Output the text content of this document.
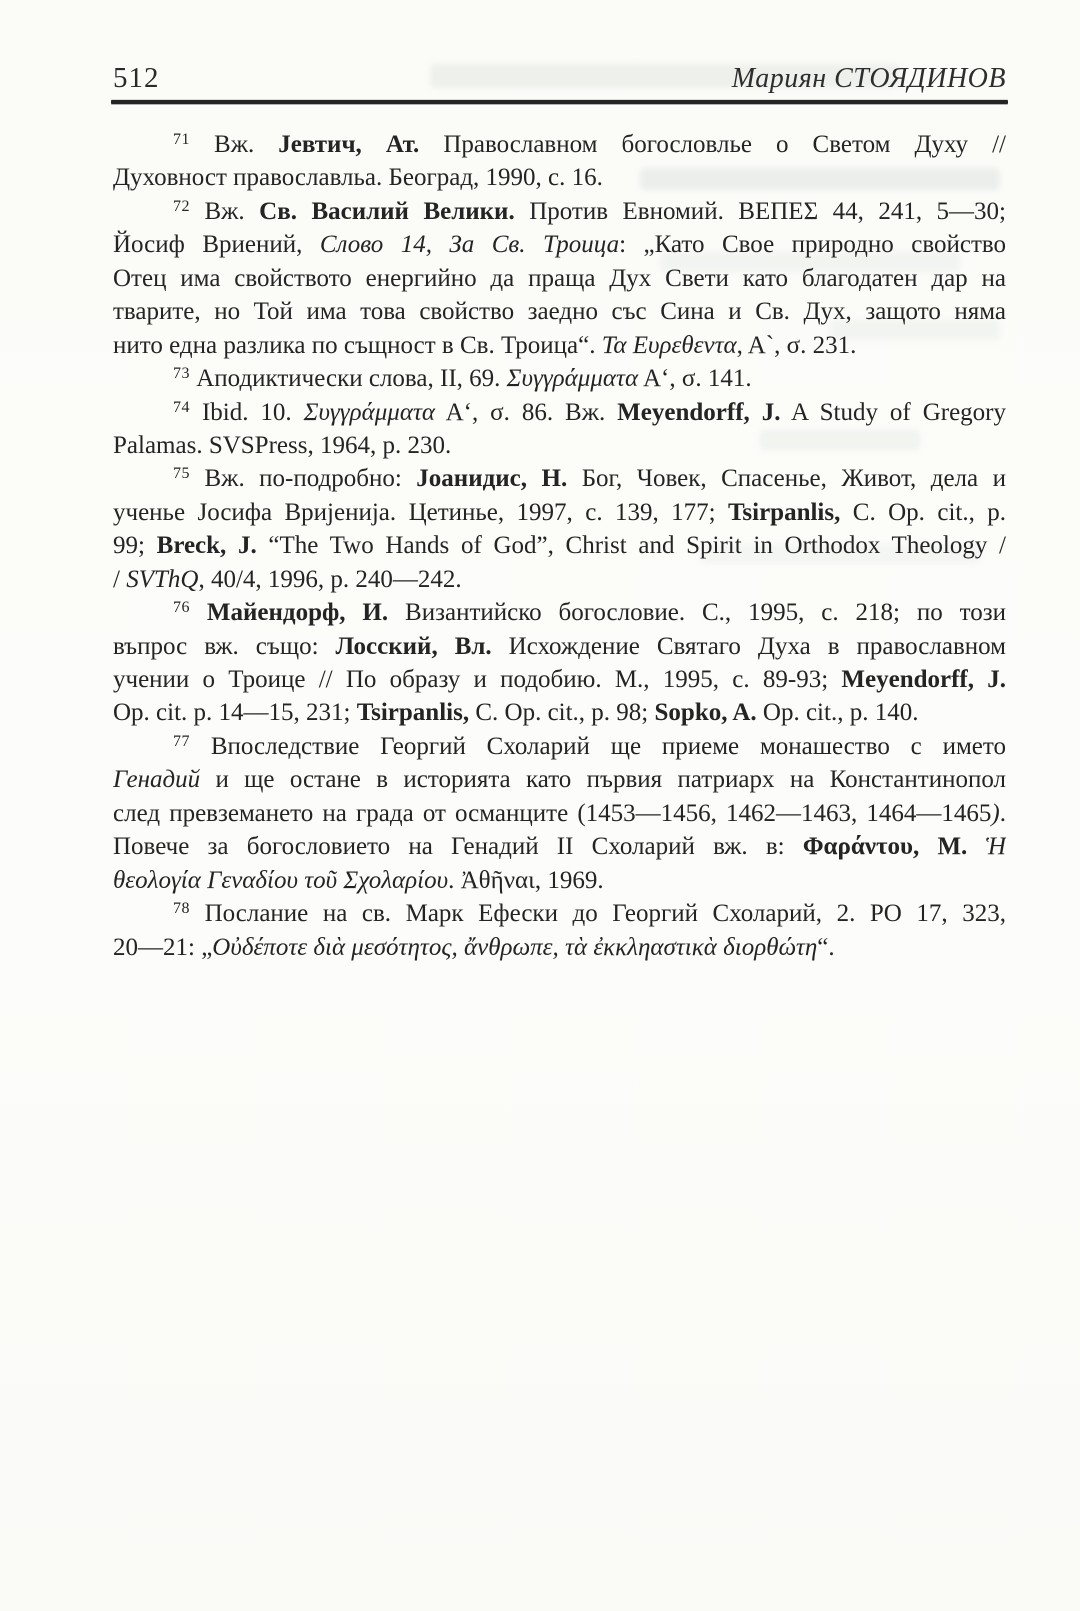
512	Мариян СТОЯДИНОВ
$^{71}$ Вж. Јевтич, Ат. Православном богословлье о Светом Духу //
Духовност православльа. Београд, 1990, с. 16.
$^{72}$ Вж. Св. Василий Велики. Против Евномий. ВЕПЕΣ 44, 241, 5—30;
Йосиф Вриений, Слово 14, За Св. Троица: „Като Свое природно свойство
Отец има свойството енергийно да праща Дух Свети като благодатен дар на
тварите, но Той има това свойство заедно със Сина и Св. Дух, защото няма
нито една разлика по същност в Св. Троица“. Τα Ευρεθεντα, Α`, σ. 231.
$^{73}$ Аподиктически слова, II, 69. Συγγράμματα Α‘, σ. 141.
$^{74}$ Ibid. 10. Συγγράμματα Α‘, σ. 86. Вж. Meyendorff, J. A Study of Gregory
Palamas. SVSPress, 1964, p. 230.
$^{75}$ Вж. по-подробно: Јоанидис, Н. Бог, Човек, Спасенье, Живот, дела и
ученье Јосифа Вријенија. Цетинье, 1997, с. 139, 177; Tsirpanlis, C. Op. cit., p.
99; Breck, J. “The Two Hands of God”, Christ and Spirit in Orthodox Theology /
/ SVThQ, 40/4, 1996, p. 240—242.
$^{76}$ Майендорф, И. Византийско богословие. С., 1995, с. 218; по този
въпрос вж. също: Лосский, Вл. Исхождение Святаго Духа в православном
учении о Троице // По образу и подобию. М., 1995, с. 89-93; Meyendorff, J.
Op. cit. p. 14—15, 231; Tsirpanlis, C. Op. cit., p. 98; Sopko, A. Op. cit., p. 140.
$^{77}$ Впоследствие Георгий Схоларий ще приеме монашество с името
Генадий и ще остане в историята като първия патриарх на Константинопол
след превземането на града от османците (1453—1456, 1462—1463, 1464—1465).
Повече за богословието на Генадий II Схоларий вж. в: Φαράντου, Μ. Ἡ
θεολογία Γεναδίου τοῦ Σχολαρίου. Ἀθῆναι, 1969.
$^{78}$ Послание на св. Марк Ефески до Георгий Схоларий, 2. PO 17, 323,
20—21: „Οὐδέποτε διὰ μεσότητος, ἄνθρωπε, τὰ ἐκκληαστικὰ διορθώτη“.
